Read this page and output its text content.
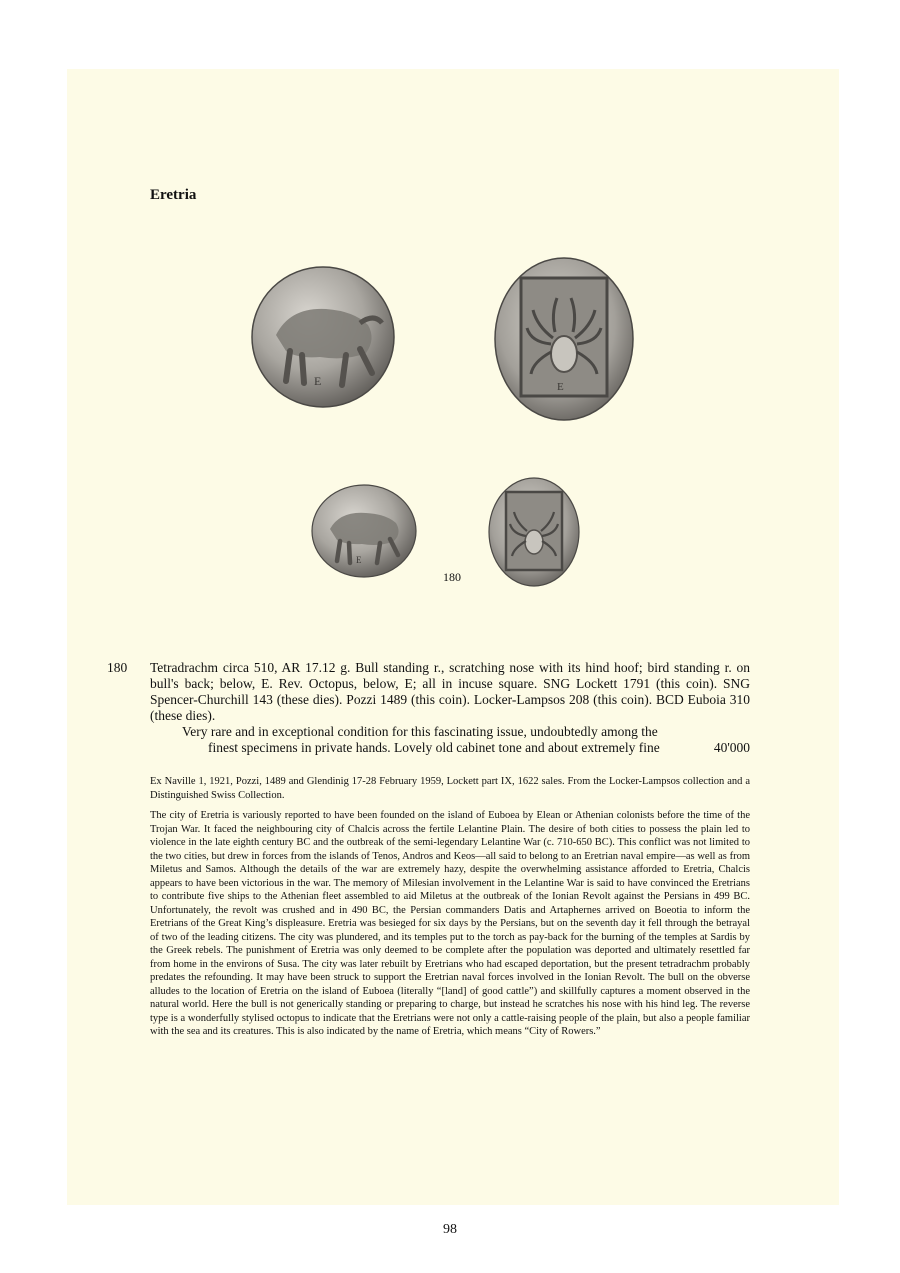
Eretria
E	E
E
180
180 Tetradrachm circa 510, AR 17.12 g. Bull standing r., scratching nose with its hind hoof; bird standing r. on bull's back; below, E. Rev. Octopus, below, E; all in incuse square. SNG Lockett 1791 (this coin). SNG Spencer-Churchill 143 (these dies). Pozzi 1489 (this coin). Locker-Lampsos 208 (this coin). BCD Euboia 310 (these dies).
Very rare and in exceptional condition for this fascinating issue, undoubtedly among the
finest specimens in private hands. Lovely old cabinet tone and about extremely fine	40'000
Ex Naville 1, 1921, Pozzi, 1489 and Glendinig 17-28 February 1959, Lockett part IX, 1622 sales. From the Locker-Lampsos collection and a Distinguished Swiss Collection.
The city of Eretria is variously reported to have been founded on the island of Euboea by Elean or Athenian colonists before the time of the Trojan War. It faced the neighbouring city of Chalcis across the fertile Lelantine Plain. The desire of both cities to possess the plain led to violence in the late eighth century BC and the outbreak of the semi-legendary Lelantine War (c. 710-650 BC). This conflict was not limited to the two cities, but drew in forces from the islands of Tenos, Andros and Keos—all said to belong to an Eretrian naval empire—as well as from Miletus and Samos. Although the details of the war are extremely hazy, despite the overwhelming assistance afforded to Eretria, Chalcis appears to have been victorious in the war. The memory of Milesian involvement in the Lelantine War is said to have convinced the Eretrians to contribute five ships to the Athenian fleet assembled to aid Miletus at the outbreak of the Ionian Revolt against the Persians in 499 BC. Unfortunately, the revolt was crushed and in 490 BC, the Persian commanders Datis and Artaphernes arrived on Boeotia to inform the Eretrians of the Great King’s displeasure. Eretria was besieged for six days by the Persians, but on the seventh day it fell through the betrayal of two of the leading citizens. The city was plundered, and its temples put to the torch as pay-back for the burning of the temples at Sardis by the Greek rebels. The punishment of Eretria was only deemed to be complete after the population was deported and ultimately resettled far from home in the environs of Susa. The city was later rebuilt by Eretrians who had escaped deportation, but the present tetradrachm probably predates the refounding. It may have been struck to support the Eretrian naval forces involved in the Ionian Revolt. The bull on the obverse alludes to the location of Eretria on the island of Euboea (literally “[land] of good cattle”) and skillfully captures a moment observed in the natural world. Here the bull is not generically standing or preparing to charge, but instead he scratches his nose with his hind leg. The reverse type is a wonderfully stylised octopus to indicate that the Eretrians were not only a cattle-raising people of the plain, but also a people familiar with the sea and its creatures. This is also indicated by the name of Eretria, which means “City of Rowers.”
98
